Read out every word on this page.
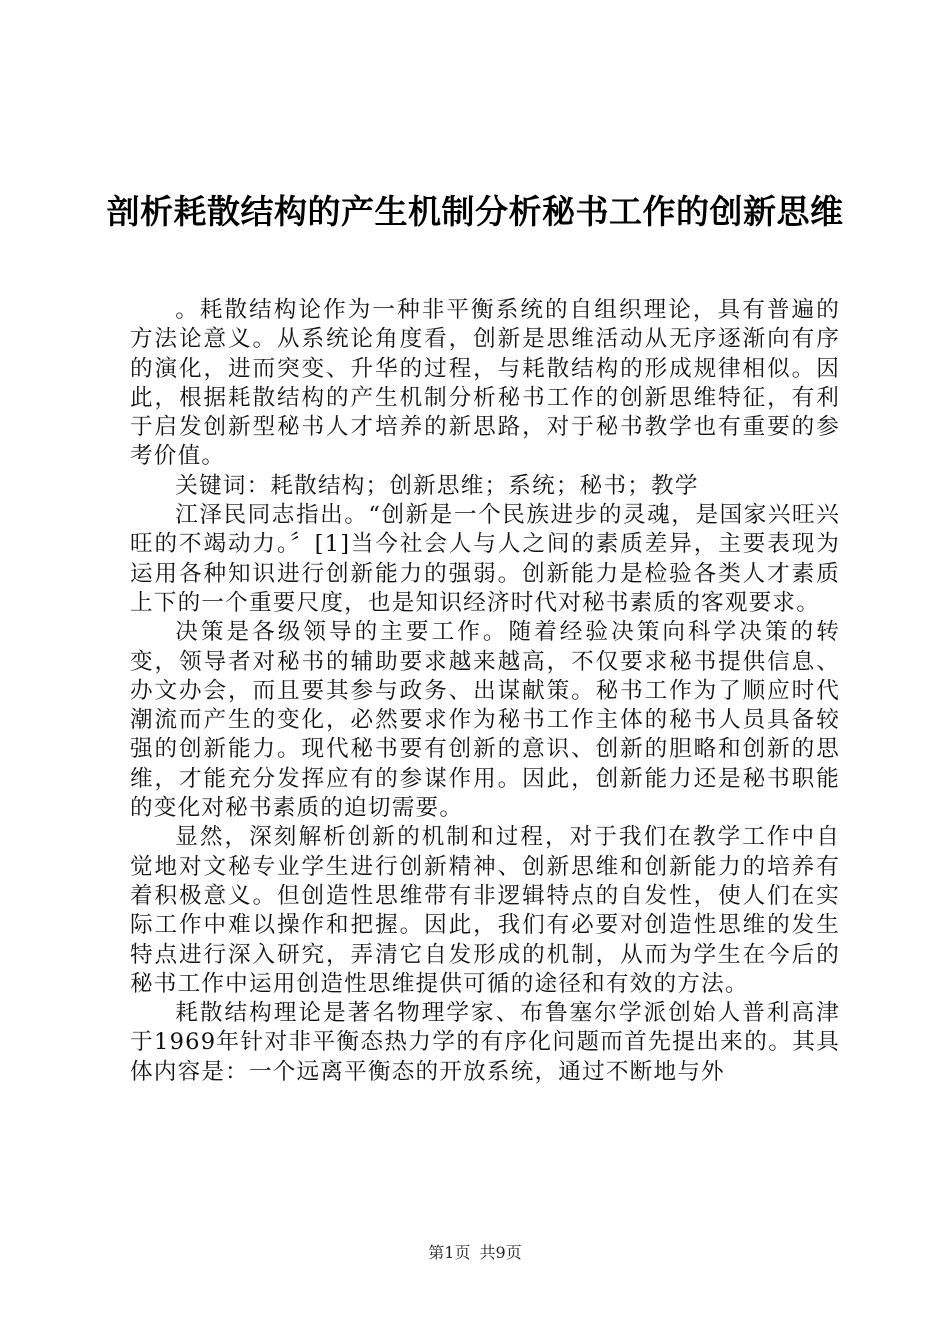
剖析耗散结构的产生机制分析秘书工作的创新思维

。耗散结构论作为一种非平衡系统的自组织理论，具有普遍的方法论意义。从系统论角度看，创新是思维活动从无序逐渐向有序的演化，进而突变、升华的过程，与耗散结构的形成规律相似。因此，根据耗散结构的产生机制分析秘书工作的创新思维特征，有利于启发创新型秘书人才培养的新思路，对于秘书教学也有重要的参考价值。

关键词：耗散结构；创新思维；系统；秘书；教学

江泽民同志指出。“创新是一个民族进步的灵魂，是国家兴旺兴旺的不竭动力。〞[1]当今社会人与人之间的素质差异，主要表现为运用各种知识进行创新能力的强弱。创新能力是检验各类人才素质上下的一个重要尺度，也是知识经济时代对秘书素质的客观要求。

决策是各级领导的主要工作。随着经验决策向科学决策的转变，领导者对秘书的辅助要求越来越高，不仅要求秘书提供信息、办文办会，而且要其参与政务、出谋献策。秘书工作为了顺应时代潮流而产生的变化，必然要求作为秘书工作主体的秘书人员具备较强的创新能力。现代秘书要有创新的意识、创新的胆略和创新的思维，才能充分发挥应有的参谋作用。因此，创新能力还是秘书职能的变化对秘书素质的迫切需要。

显然，深刻解析创新的机制和过程，对于我们在教学工作中自觉地对文秘专业学生进行创新精神、创新思维和创新能力的培养有着积极意义。但创造性思维带有非逻辑特点的自发性，使人们在实际工作中难以操作和把握。因此，我们有必要对创造性思维的发生特点进行深入研究，弄清它自发形成的机制，从而为学生在今后的秘书工作中运用创造性思维提供可循的途径和有效的方法。

耗散结构理论是著名物理学家、布鲁塞尔学派创始人普利高津于1969年针对非平衡态热力学的有序化问题而首先提出来的。其具体内容是：一个远离平衡态的开放系统，通过不断地与外

第1页 共9页
